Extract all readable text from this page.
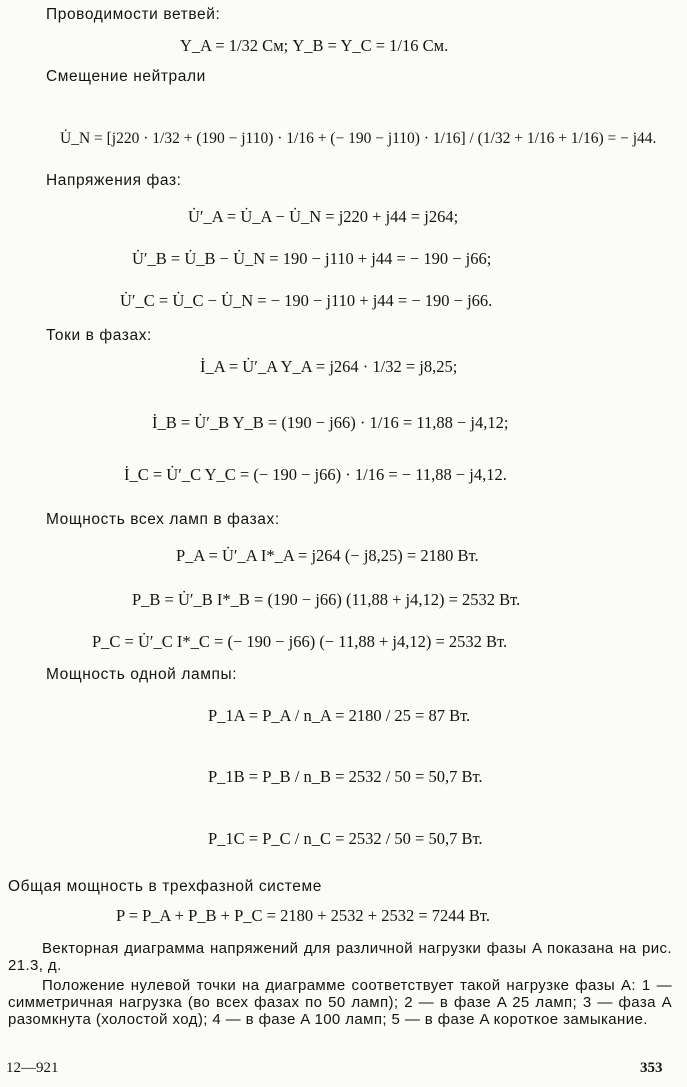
Проводимости ветвей:
Y_A = 1/32 См; Y_B = Y_C = 1/16 См.
Смещение нейтрали
U̇_N = [j220 · 1/32 + (190 − j110) · 1/16 + (− 190 − j110) · 1/16] / (1/32 + 1/16 + 1/16) = − j44.
Напряжения фаз:
U̇′_A = U̇_A − U̇_N = j220 + j44 = j264;
U̇′_B = U̇_B − U̇_N = 190 − j110 + j44 = − 190 − j66;
U̇′_C = U̇_C − U̇_N = − 190 − j110 + j44 = − 190 − j66.
Токи в фазах:
İ_A = U̇′_A Y_A = j264 · 1/32 = j8,25;
İ_B = U̇′_B Y_B = (190 − j66) · 1/16 = 11,88 − j4,12;
İ_C = U̇′_C Y_C = (− 190 − j66) · 1/16 = − 11,88 − j4,12.
Мощность всех ламп в фазах:
P_A = U̇′_A I*_A = j264 (− j8,25) = 2180 Вт.
P_B = U̇′_B I*_B = (190 − j66) (11,88 + j4,12) = 2532 Вт.
P_C = U̇′_C I*_C = (− 190 − j66) (− 11,88 + j4,12) = 2532 Вт.
Мощность одной лампы:
P_1A = P_A / n_A = 2180 / 25 = 87 Вт.
P_1B = P_B / n_B = 2532 / 50 = 50,7 Вт.
P_1C = P_C / n_C = 2532 / 50 = 50,7 Вт.
Общая мощность в трехфазной системе
P = P_A + P_B + P_C = 2180 + 2532 + 2532 = 7244 Вт.
Векторная диаграмма напряжений для различной нагрузки фазы A показана на рис. 21.3, д.
Положение нулевой точки на диаграмме соответствует такой нагрузке фазы A: 1 — симметричная нагрузка (во всех фазах по 50 ламп); 2 — в фазе A 25 ламп; 3 — фаза A разомкнута (холостой ход); 4 — в фазе A 100 ламп; 5 — в фазе A короткое замыкание.
12—921	353
